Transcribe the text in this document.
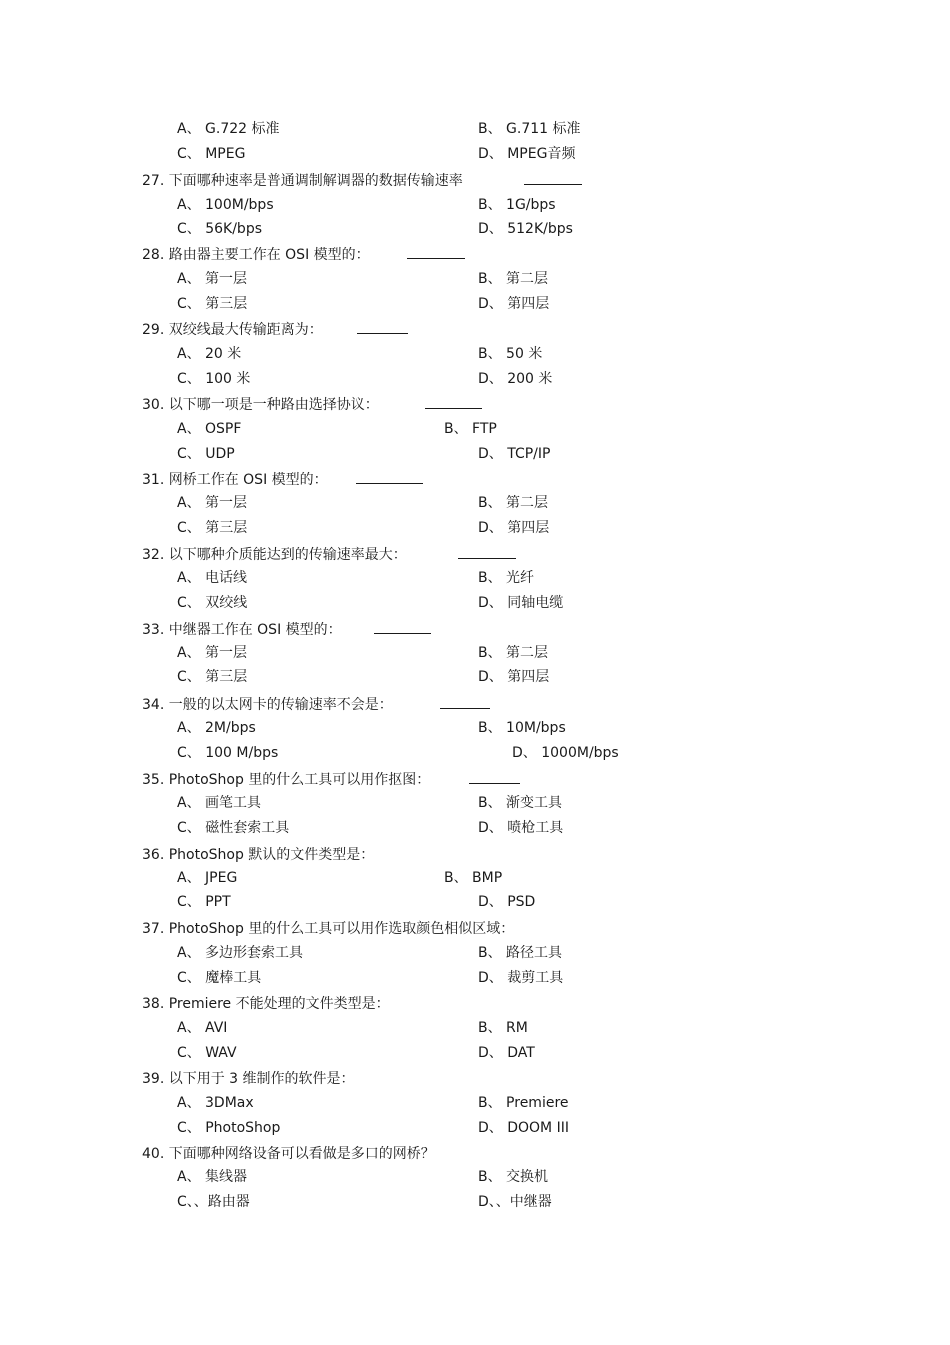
A、 G.722 标准	B、 G.711 标准
C、 MPEG	D、 MPEG音频
27. 下面哪种速率是普通调制解调器的数据传输速率
A、 100M/bps	B、 1G/bps
C、 56K/bps	D、 512K/bps
28. 路由器主要工作在 OSI 模型的：
A、 第一层	B、 第二层
C、 第三层	D、 第四层
29. 双绞线最大传输距离为：
A、 20 米	B、 50 米
C、 100 米	D、 200 米
30. 以下哪一项是一种路由选择协议：
A、 OSPF	B、 FTP
C、 UDP	D、 TCP/IP
31. 网桥工作在 OSI 模型的：
A、 第一层	B、 第二层
C、 第三层	D、 第四层
32. 以下哪种介质能达到的传输速率最大：
A、 电话线	B、 光纤
C、 双绞线	D、 同轴电缆
33. 中继器工作在 OSI 模型的：
A、 第一层	B、 第二层
C、 第三层	D、 第四层
34. 一般的以太网卡的传输速率不会是：
A、 2M/bps	B、 10M/bps
C、 100 M/bps	D、 1000M/bps
35. PhotoShop 里的什么工具可以用作抠图：
A、 画笔工具	B、 渐变工具
C、 磁性套索工具	D、 喷枪工具
36. PhotoShop 默认的文件类型是：
A、 JPEG	B、 BMP
C、 PPT	D、 PSD
37. PhotoShop 里的什么工具可以用作选取颜色相似区域：
A、 多边形套索工具	B、 路径工具
C、 魔棒工具	D、 裁剪工具
38. Premiere 不能处理的文件类型是：
A、 AVI	B、 RM
C、 WAV	D、 DAT
39. 以下用于 3 维制作的软件是：
A、 3DMax	B、 Premiere
C、 PhotoShop	D、 DOOM III
40. 下面哪种网络设备可以看做是多口的网桥？
A、 集线器	B、 交换机
C、、路由器	D、、中继器
